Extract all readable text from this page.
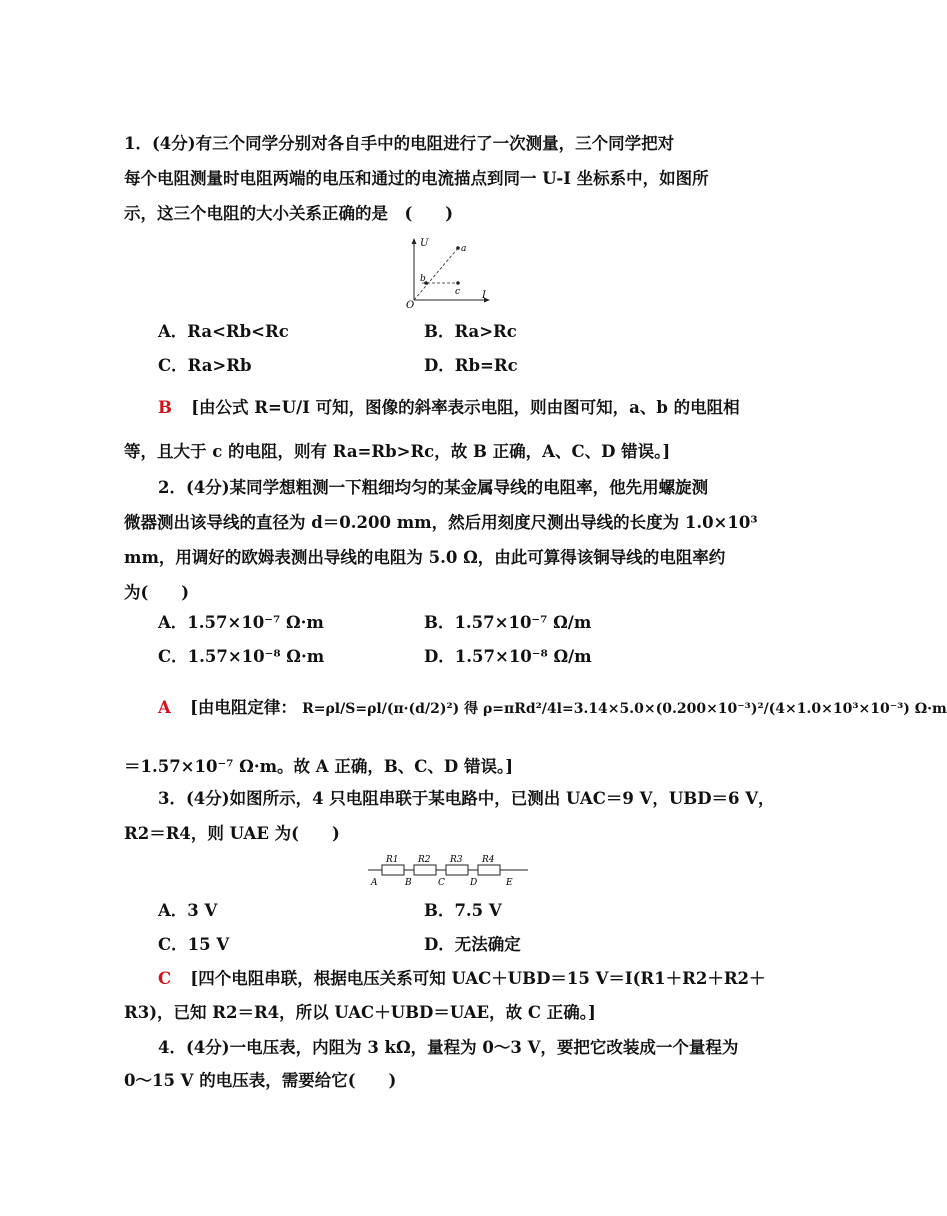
1．(4分)有三个同学分别对各自手中的电阻进行了一次测量，三个同学把对
每个电阻测量时电阻两端的电压和通过的电流描点到同一 U-I 坐标系中，如图所
示，这三个电阻的大小关系正确的是　(　　)
U
I
O
a
b
c
A．Ra<Rb<Rc	B．Ra>Rc
C．Ra>Rb	D．Rb=Rc
B [由公式 R=U/I 可知，图像的斜率表示电阻，则由图可知，a、b 的电阻相
等，且大于 c 的电阻，则有 Ra=Rb>Rc，故 B 正确，A、C、D 错误。]
2．(4分)某同学想粗测一下粗细均匀的某金属导线的电阻率，他先用螺旋测
微器测出该导线的直径为 d＝0.200 mm，然后用刻度尺测出导线的长度为 1.0×10³
mm，用调好的欧姆表测出导线的电阻为 5.0 Ω，由此可算得该铜导线的电阻率约
为(　　)
A．1.57×10⁻⁷ Ω·m	B．1.57×10⁻⁷ Ω/m
C．1.57×10⁻⁸ Ω·m	D．1.57×10⁻⁸ Ω/m
A [由电阻定律： R=ρl/S=ρl/(π·(d/2)²) 得 ρ=πRd²/4l=3.14×5.0×(0.200×10⁻³)²/(4×1.0×10³×10⁻³) Ω·m
＝1.57×10⁻⁷ Ω·m。故 A 正确，B、C、D 错误。]
3．(4分)如图所示，4 只电阻串联于某电路中，已测出 UAC＝9 V，UBD＝6 V，
R2＝R4，则 UAE 为(　　)
R1 R2 R3 R4
A	B	C	D	E
A．3 V	B．7.5 V
C．15 V	D．无法确定
C [四个电阻串联，根据电压关系可知 UAC＋UBD＝15 V＝I(R1＋R2＋R2＋
R3)，已知 R2＝R4，所以 UAC＋UBD＝UAE，故 C 正确。]
4．(4分)一电压表，内阻为 3 kΩ，量程为 0～3 V，要把它改装成一个量程为
0～15 V 的电压表，需要给它(　　)
